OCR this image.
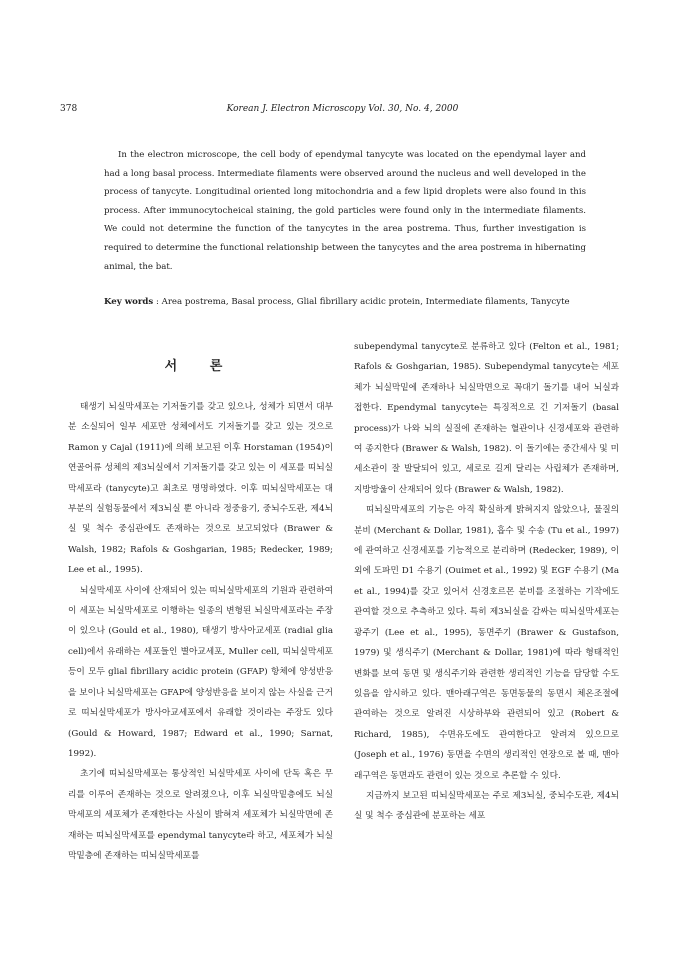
378	Korean J. Electron Microscopy Vol. 30, No. 4, 2000

In the electron microscope, the cell body of ependymal tanycyte was located on the ependymal layer and had a long basal process. Intermediate filaments were observed around the nucleus and well developed in the process of tanycyte. Longitudinal oriented long mitochondria and a few lipid droplets were also found in this process. After immunocytocheical staining, the gold particles were found only in the intermediate filaments. We could not determine the function of the tanycytes in the area postrema. Thus, further investigation is required to determine the functional relationship between the tanycytes and the area postrema in hibernating animal, the bat.

Key words : Area postrema, Basal process, Glial fibrillary acidic protein, Intermediate filaments, Tanycyte

서 론

태생기 뇌실막세포는 기저돌기를 갖고 있으나, 성체가 되면서 대부분 소실되어 일부 세포만 성체에서도 기저돌기를 갖고 있는 것으로 Ramon y Cajal (1911)에 의해 보고된 이후 Horstaman (1954)이 연골어류 성체의 제3뇌실에서 기저돌기를 갖고 있는 이 세포를 띠뇌실막세포라 (tanycyte)고 최초로 명명하였다. 이후 띠뇌실막세포는 대부분의 실험동물에서 제3뇌실 뿐 아니라 정중융기, 중뇌수도관, 제4뇌실 및 척수 중심관에도 존재하는 것으로 보고되었다 (Brawer & Walsh, 1982; Rafols & Goshgarian, 1985; Redecker, 1989; Lee et al., 1995).

뇌실막세포 사이에 산재되어 있는 띠뇌실막세포의 기원과 관련하여 이 세포는 뇌실막세포로 이행하는 일종의 변형된 뇌실막세포라는 주장이 있으나 (Gould et al., 1980), 태생기 방사아교세포 (radial glia cell)에서 유래하는 세포들인 별아교세포, Muller cell, 띠뇌실막세포 등이 모두 glial fibrillary acidic protein (GFAP) 항체에 양성반응을 보이나 뇌실막세포는 GFAP에 양성반응을 보이지 않는 사실을 근거로 띠뇌실막세포가 방사아교세포에서 유래할 것이라는 주장도 있다 (Gould & Howard, 1987; Edward et al., 1990; Sarnat, 1992).

초기에 띠뇌실막세포는 통상적인 뇌실막세포 사이에 단독 혹은 무리를 이루어 존재하는 것으로 알려졌으나, 이후 뇌실막밑층에도 뇌실막세포의 세포체가 존재한다는 사실이 밝혀져 세포체가 뇌실막면에 존재하는 띠뇌실막세포를 ependymal tanycyte라 하고, 세포체가 뇌실막밑층에 존재하는 띠뇌실막세포를

subependymal tanycyte로 분류하고 있다 (Felton et al., 1981; Rafols & Goshgarian, 1985). Subependymal tanycyte는 세포체가 뇌실막밑에 존재하나 뇌실막면으로 꼭대기 돌기를 내어 뇌실과 접한다. Ependymal tanycyte는 특징적으로 긴 기저돌기 (basal process)가 나와 뇌의 실질에 존재하는 혈관이나 신경세포와 관련하여 종지한다 (Brawer & Walsh, 1982). 이 돌기에는 중간세사 및 미세소관이 잘 발달되어 있고, 세로로 길게 달리는 사립체가 존재하며, 지방방울이 산재되어 있다 (Brawer & Walsh, 1982).

띠뇌실막세포의 기능은 아직 확실하게 밝혀지지 않았으나, 물질의 분비 (Merchant & Dollar, 1981), 흡수 및 수송 (Tu et al., 1997)에 관여하고 신경세포를 기능적으로 분리하며 (Redecker, 1989), 이외에 도파민 D1 수용기 (Ouimet et al., 1992) 및 EGF 수용기 (Ma et al., 1994)를 갖고 있어서 신경호르몬 분비를 조절하는 기작에도 관여할 것으로 추측하고 있다. 특히 제3뇌실을 감싸는 띠뇌실막세포는 광주기 (Lee et al., 1995), 동면주기 (Brawer & Gustafson, 1979) 및 생식주기 (Merchant & Dollar, 1981)에 따라 형태적인 변화를 보여 동면 및 생식주기와 관련한 생리적인 기능을 담당할 수도 있음을 암시하고 있다. 맨아래구역은 동면동물의 동면시 체온조절에 관여하는 것으로 알려진 시상하부와 관련되어 있고 (Robert & Richard, 1985), 수면유도에도 관여한다고 알려져 있으므로 (Joseph et al., 1976) 동면을 수면의 생리적인 연장으로 볼 때, 맨아래구역은 동면과도 관련이 있는 것으로 추론할 수 있다.

지금까지 보고된 띠뇌실막세포는 주로 제3뇌실, 중뇌수도관, 제4뇌실 및 척수 중심관에 분포하는 세포
